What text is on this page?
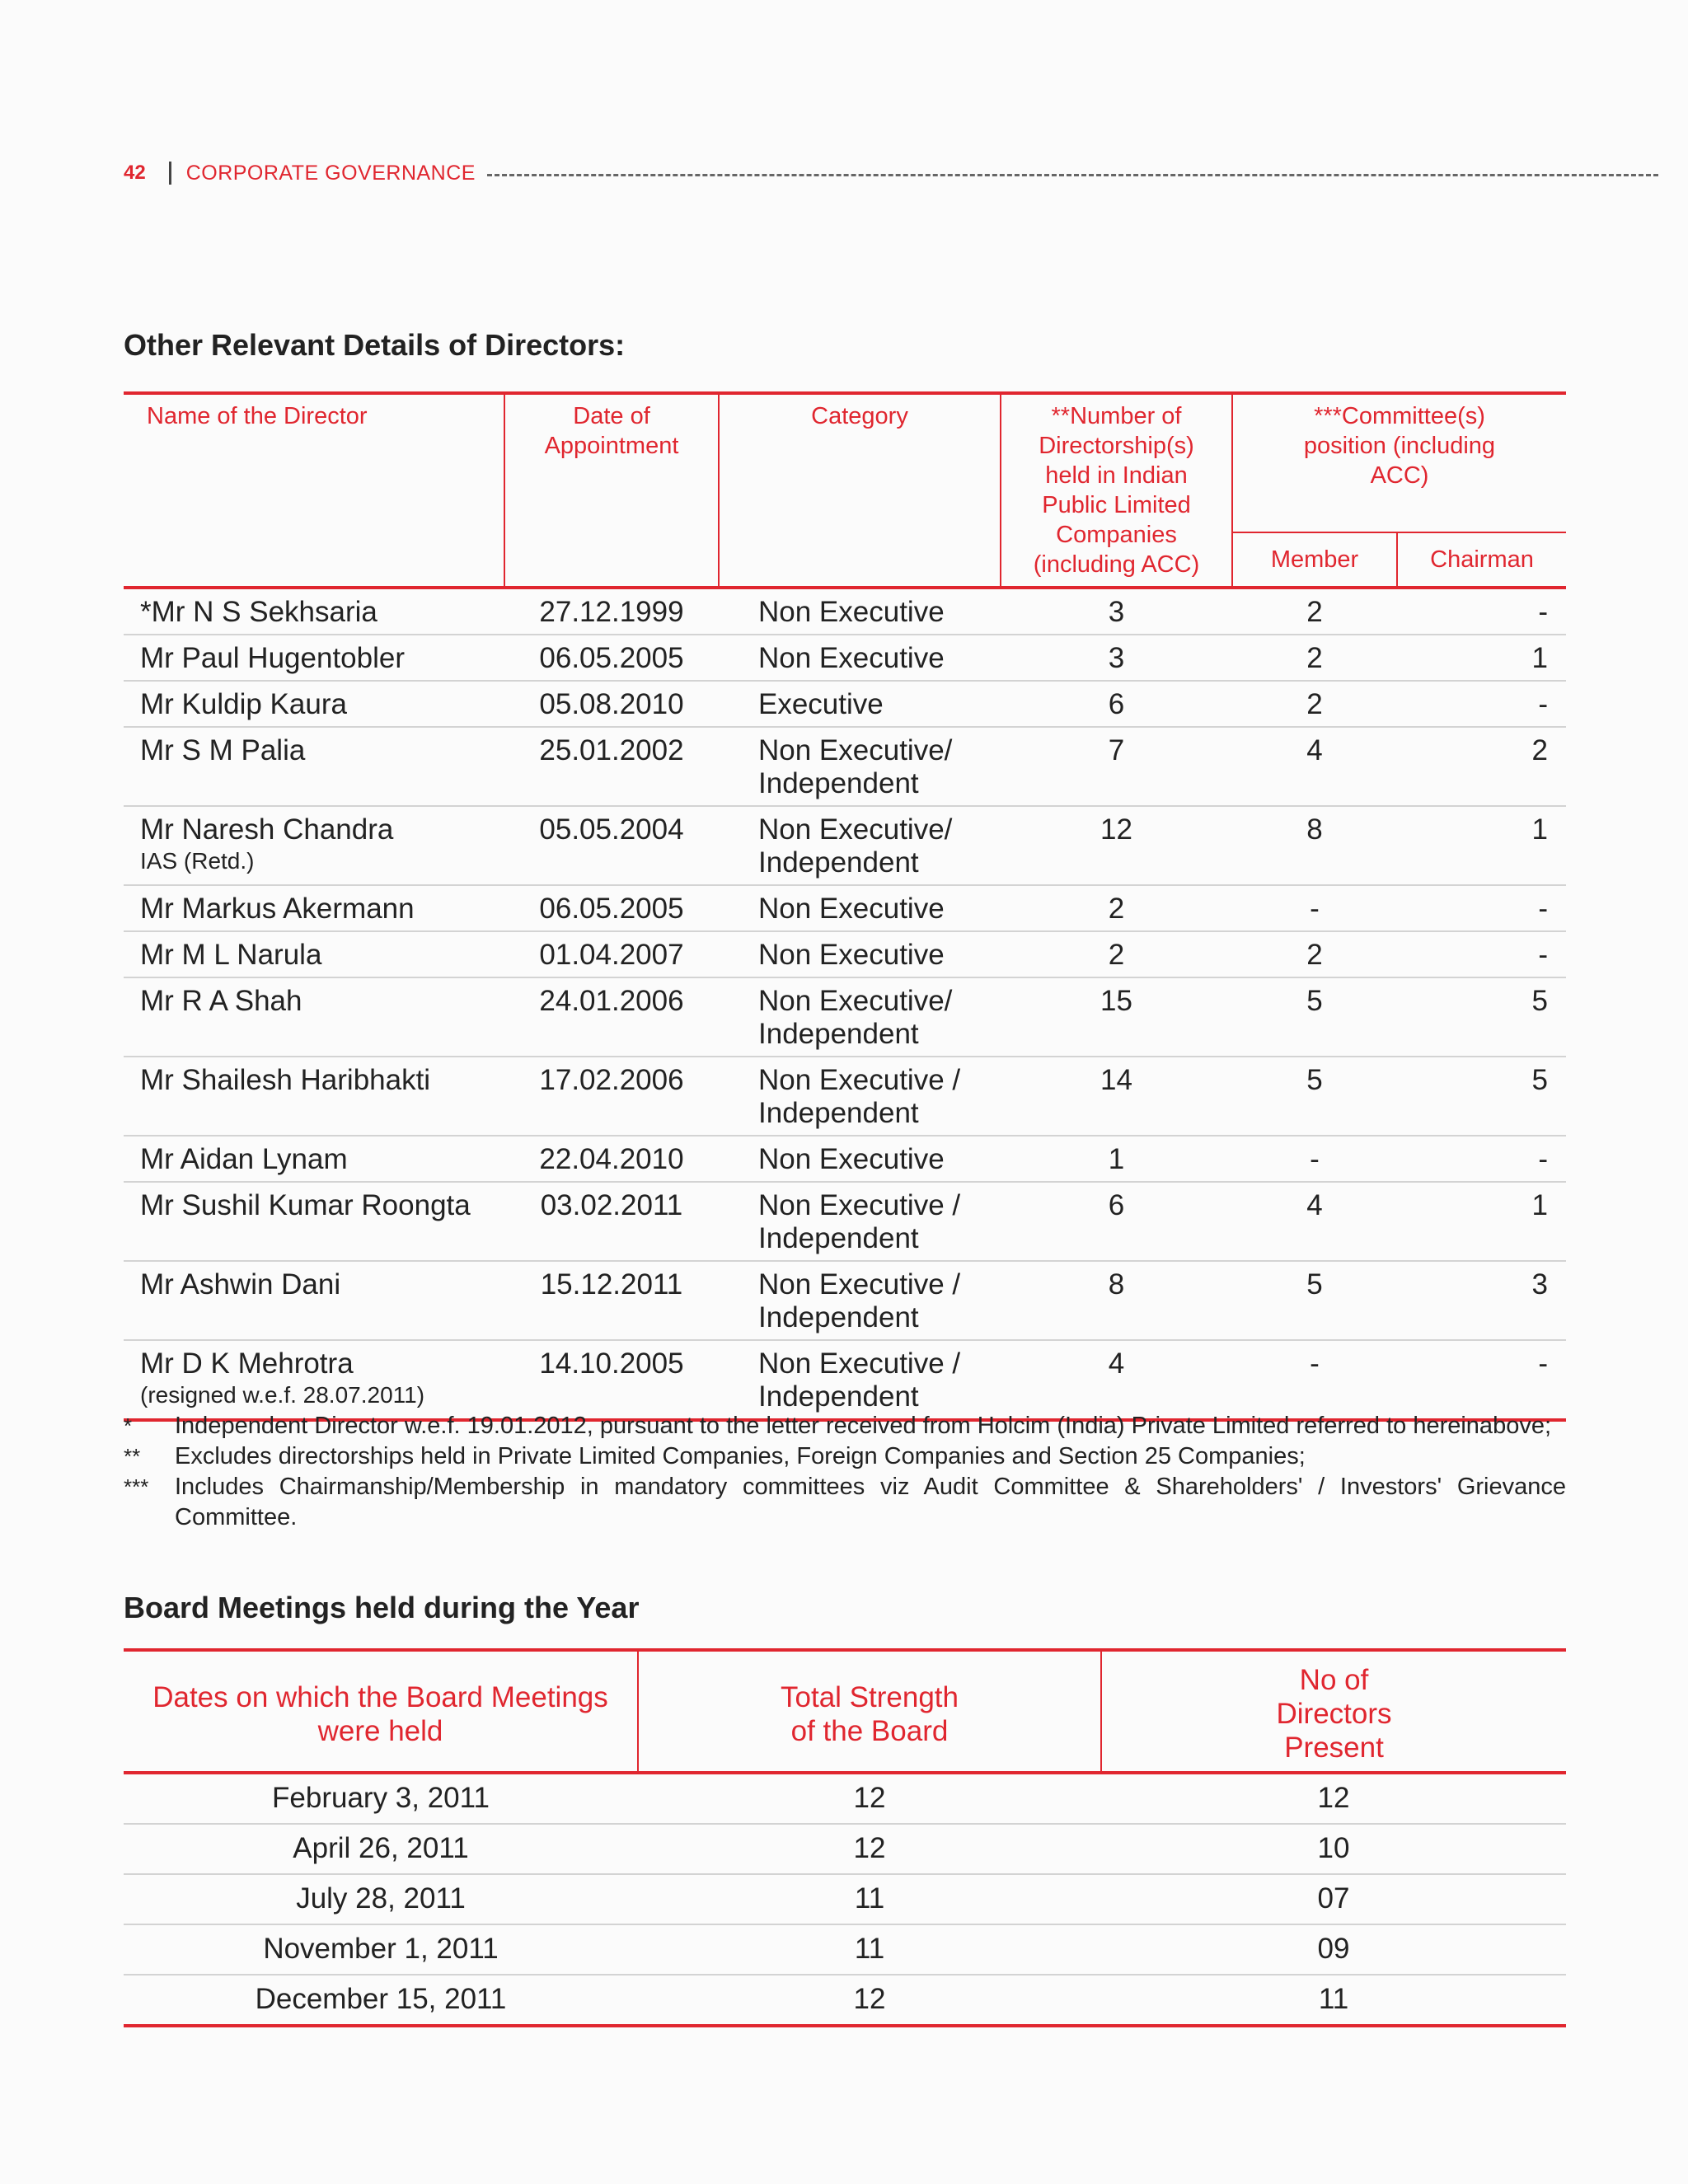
42 CORPORATE GOVERNANCE
Other Relevant Details of Directors:
Name of the Director	Date of Appointment	Category	**Number of Directorship(s) held in Indian Public Limited Companies (including ACC)	***Committee(s) position (including ACC)	
				Member	Chairman
*Mr N S Sekhsaria	27.12.1999	Non Executive	3	2	-
Mr Paul Hugentobler	06.05.2005	Non Executive	3	2	1
Mr Kuldip Kaura	05.08.2010	Executive	6	2	-
Mr S M Palia	25.01.2002	Non Executive/ Independent	7	4	2
Mr Naresh Chandra
IAS (Retd.)	05.05.2004	Non Executive/ Independent	12	8	1
Mr Markus Akermann	06.05.2005	Non Executive	2	-	-
Mr M L Narula	01.04.2007	Non Executive	2	2	-
Mr R A Shah	24.01.2006	Non Executive/ Independent	15	5	5
Mr Shailesh Haribhakti	17.02.2006	Non Executive / Independent	14	5	5
Mr Aidan Lynam	22.04.2010	Non Executive	1	-	-
Mr Sushil Kumar Roongta	03.02.2011	Non Executive / Independent	6	4	1
Mr Ashwin Dani	15.12.2011	Non Executive / Independent	8	5	3
Mr D K Mehrotra
(resigned w.e.f. 28.07.2011)	14.10.2005	Non Executive / Independent	4	-	-
*	Independent Director w.e.f. 19.01.2012, pursuant to the letter received from Holcim (India) Private Limited referred to hereinabove;
**	Excludes directorships held in Private Limited Companies, Foreign Companies and Section 25 Companies;
***	Includes Chairmanship/Membership in mandatory committees viz Audit Committee & Shareholders' / Investors' Grievance Committee.
Board Meetings held during the Year
Dates on which the Board Meetings were held	Total Strength of the Board	No of Directors Present
February 3, 2011	12	12
April 26, 2011	12	10
July 28, 2011	11	07
November 1, 2011	11	09
December 15, 2011	12	11
